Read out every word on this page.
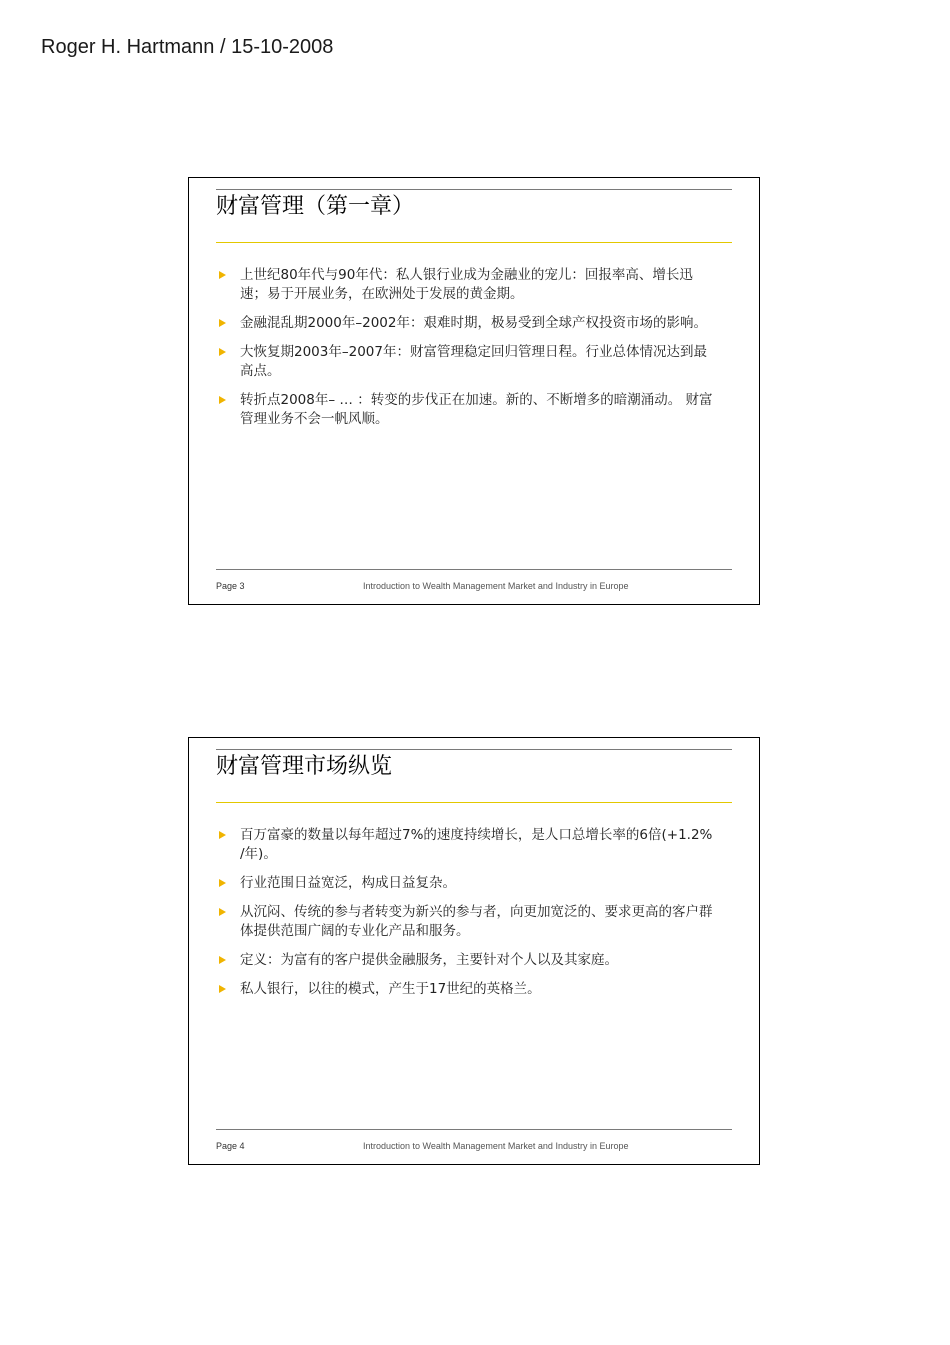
Roger H. Hartmann / 15-10-2008
财富管理（第一章）
上世纪80年代与90年代：私人银行业成为金融业的宠儿：回报率高、增长迅速；易于开展业务，在欧洲处于发展的黄金期。
金融混乱期2000年–2002年：艰难时期，极易受到全球产权投资市场的影响。
大恢复期2003年–2007年：财富管理稳定回归管理日程。行业总体情况达到最高点。
转折点2008年– … ：转变的步伐正在加速。新的、不断增多的暗潮涌动。 财富管理业务不会一帆风顺。
Page 3	Introduction to Wealth Management Market and Industry in Europe
财富管理市场纵览
百万富豪的数量以每年超过7%的速度持续增长，是人口总增长率的6倍(+1.2% /年)。
行业范围日益宽泛，构成日益复杂。
从沉闷、传统的参与者转变为新兴的参与者，向更加宽泛的、要求更高的客户群体提供范围广阔的专业化产品和服务。
定义：为富有的客户提供金融服务，主要针对个人以及其家庭。
私人银行，以往的模式，产生于17世纪的英格兰。
Page 4	Introduction to Wealth Management Market and Industry in Europe
